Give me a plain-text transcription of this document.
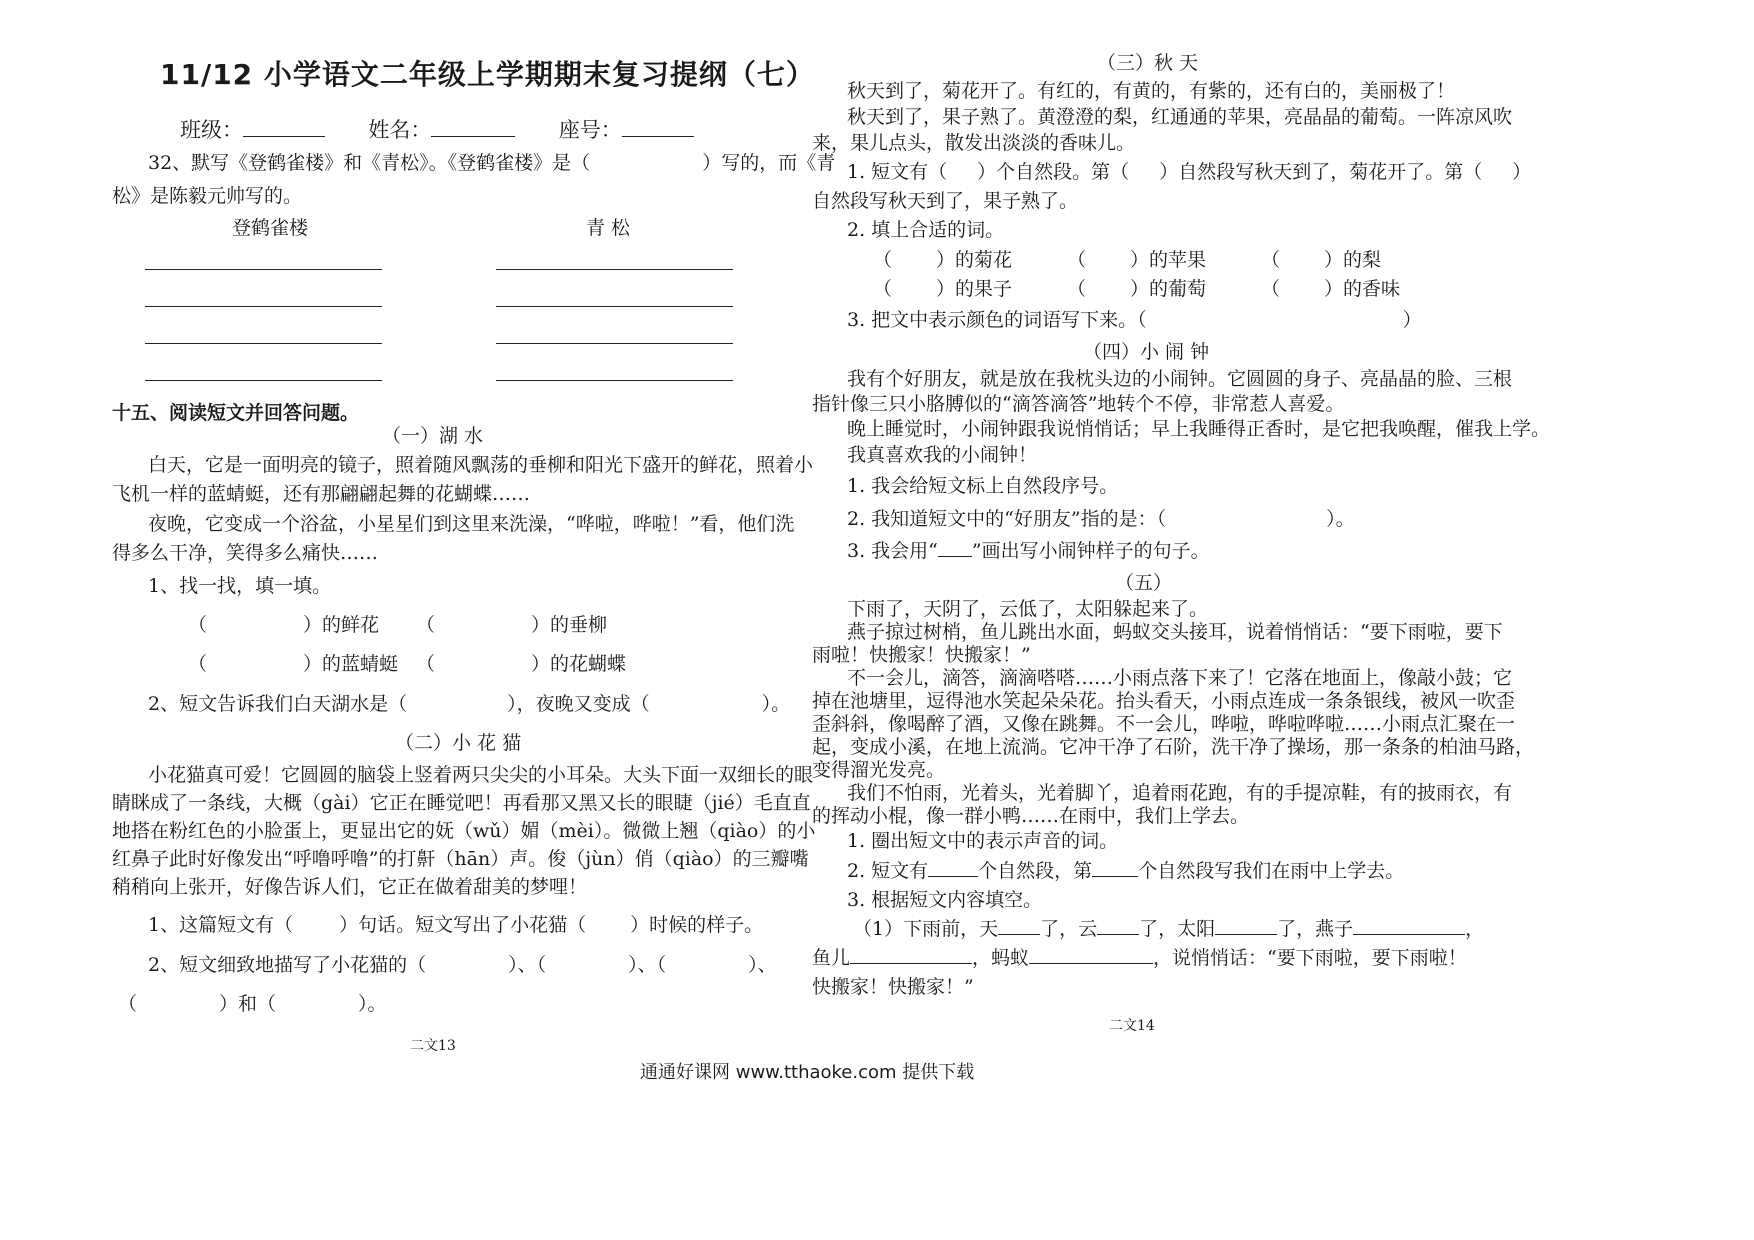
11/12 小学语文二年级上学期期末复习提纲（七）
班级：	姓名：	座号：
32、默写《登鹤雀楼》和《青松》。《登鹤雀楼》是（	）写的，而《青
松》是陈毅元帅写的。
登鹤雀楼	青 松
十五、阅读短文并回答问题。
（一）湖 水
白天，它是一面明亮的镜子，照着随风飘荡的垂柳和阳光下盛开的鲜花，照着小
飞机一样的蓝蜻蜓，还有那翩翩起舞的花蝴蝶……
夜晚，它变成一个浴盆，小星星们到这里来洗澡，“哗啦，哗啦！”看，他们洗
得多么干净，笑得多么痛快……
1、找一找，填一填。
（	）的鲜花 （	）的垂柳
（	）的蓝蜻蜓 （	）的花蝴蝶
2、短文告诉我们白天湖水是（	），夜晚又变成（	）。
（二）小 花 猫
小花猫真可爱！它圆圆的脑袋上竖着两只尖尖的小耳朵。大头下面一双细长的眼
睛眯成了一条线，大概（gài）它正在睡觉吧！再看那又黑又长的眼睫（jié）毛直直
地搭在粉红色的小脸蛋上，更显出它的妩（wǔ）媚（mèi）。微微上翘（qiào）的小
红鼻子此时好像发出“呼噜呼噜”的打鼾（hān）声。俊（jùn）俏（qiào）的三瓣嘴
稍稍向上张开，好像告诉人们，它正在做着甜美的梦哩！
1、这篇短文有（ ）句话。短文写出了小花猫（ ）时候的样子。
2、短文细致地描写了小花猫的（	）、（	）、（	）、
（	）和（	）。
二文13
（三）秋 天
秋天到了，菊花开了。有红的，有黄的，有紫的，还有白的，美丽极了！
秋天到了，果子熟了。黄澄澄的梨，红通通的苹果，亮晶晶的葡萄。一阵凉风吹
来，果儿点头，散发出淡淡的香味儿。
1. 短文有（ ）个自然段。第（ ）自然段写秋天到了，菊花开了。第（ ）
自然段写秋天到了，果子熟了。
2. 填上合适的词。
（ ）的菊花	（ ）的苹果	（ ）的梨
（ ）的果子	（ ）的葡萄	（ ）的香味
3. 把文中表示颜色的词语写下来。（	）
（四）小 闹 钟
我有个好朋友，就是放在我枕头边的小闹钟。它圆圆的身子、亮晶晶的脸、三根
指针像三只小胳膊似的“滴答滴答”地转个不停，非常惹人喜爱。
晚上睡觉时，小闹钟跟我说悄悄话；早上我睡得正香时，是它把我唤醒，催我上学。
我真喜欢我的小闹钟！
1. 我会给短文标上自然段序号。
2. 我知道短文中的“好朋友”指的是：（	）。
3. 我会用“ ”画出写小闹钟样子的句子。
（五）
下雨了，天阴了，云低了，太阳躲起来了。
燕子掠过树梢，鱼儿跳出水面，蚂蚁交头接耳，说着悄悄话：“要下雨啦，要下
雨啦！快搬家！快搬家！”
不一会儿，滴答，滴滴嗒嗒……小雨点落下来了！它落在地面上，像敲小鼓；它
掉在池塘里，逗得池水笑起朵朵花。抬头看天，小雨点连成一条条银线，被风一吹歪
歪斜斜，像喝醉了酒，又像在跳舞。不一会儿，哗啦，哗啦哗啦……小雨点汇聚在一
起，变成小溪，在地上流淌。它冲干净了石阶，洗干净了操场，那一条条的柏油马路，
变得溜光发亮。
我们不怕雨，光着头，光着脚丫，追着雨花跑，有的手提凉鞋，有的披雨衣，有
的挥动小棍，像一群小鸭……在雨中，我们上学去。
1. 圈出短文中的表示声音的词。
2. 短文有	个自然段，第 个自然段写我们在雨中上学去。
3. 根据短文内容填空。
（1）下雨前，天 了，云 了，太阳	了，燕子	，
鱼儿	，蚂蚁	，说悄悄话：“要下雨啦，要下雨啦！
快搬家！快搬家！”
二文14
通通好课网 www.tthaoke.com 提供下载
